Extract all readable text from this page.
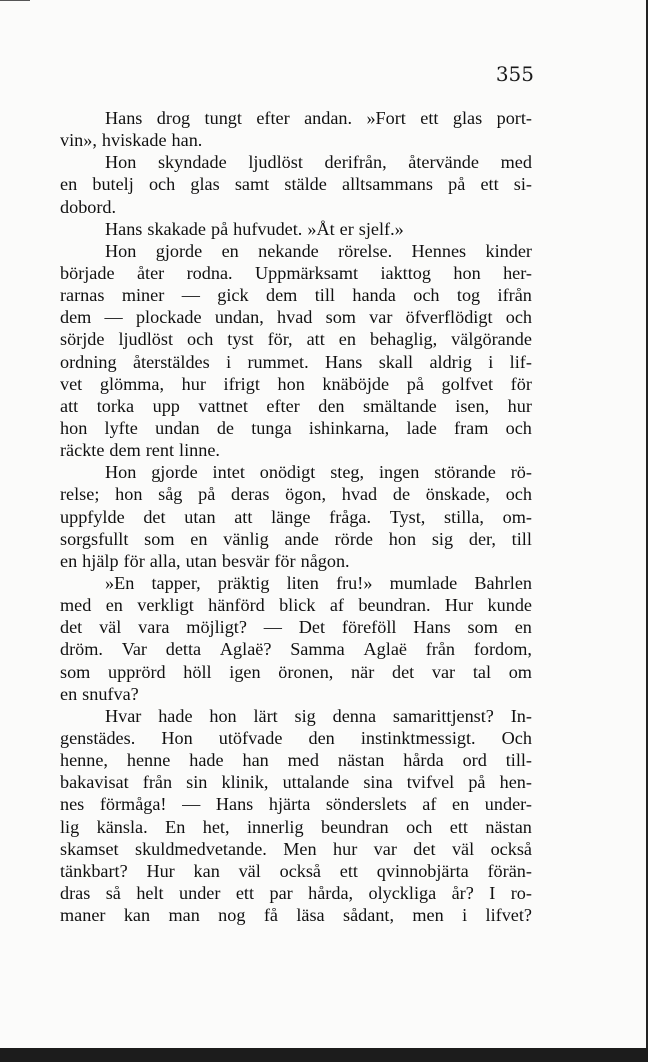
355
Hans drog tungt efter andan. »Fort ett glas port-
vin», hviskade han.
Hon skyndade ljudlöst derifrån, återvände med
en butelj och glas samt stälde alltsammans på ett si-
dobord.
Hans skakade på hufvudet. »Åt er sjelf.»
Hon gjorde en nekande rörelse. Hennes kinder
började åter rodna. Uppmärksamt iakttog hon her-
rarnas miner — gick dem till handa och tog ifrån
dem — plockade undan, hvad som var öfverflödigt och
sörjde ljudlöst och tyst för, att en behaglig, välgörande
ordning återstäldes i rummet. Hans skall aldrig i lif-
vet glömma, hur ifrigt hon knäböjde på golfvet för
att torka upp vattnet efter den smältande isen, hur
hon lyfte undan de tunga ishinkarna, lade fram och
räckte dem rent linne.
Hon gjorde intet onödigt steg, ingen störande rö-
relse; hon såg på deras ögon, hvad de önskade, och
uppfylde det utan att länge fråga. Tyst, stilla, om-
sorgsfullt som en vänlig ande rörde hon sig der, till
en hjälp för alla, utan besvär för någon.
»En tapper, präktig liten fru!» mumlade Bahrlen
med en verkligt hänförd blick af beundran. Hur kunde
det väl vara möjligt? — Det föreföll Hans som en
dröm. Var detta Aglaë? Samma Aglaë från fordom,
som upprörd höll igen öronen, när det var tal om
en snufva?
Hvar hade hon lärt sig denna samarittjenst? In-
genstädes. Hon utöfvade den instinktmessigt. Och
henne, henne hade han med nästan hårda ord till-
bakavisat från sin klinik, uttalande sina tvifvel på hen-
nes förmåga! — Hans hjärta sönderslets af en under-
lig känsla. En het, innerlig beundran och ett nästan
skamset skuldmedvetande. Men hur var det väl också
tänkbart? Hur kan väl också ett qvinnobjärta förän-
dras så helt under ett par hårda, olyckliga år? I ro-
maner kan man nog få läsa sådant, men i lifvet?
